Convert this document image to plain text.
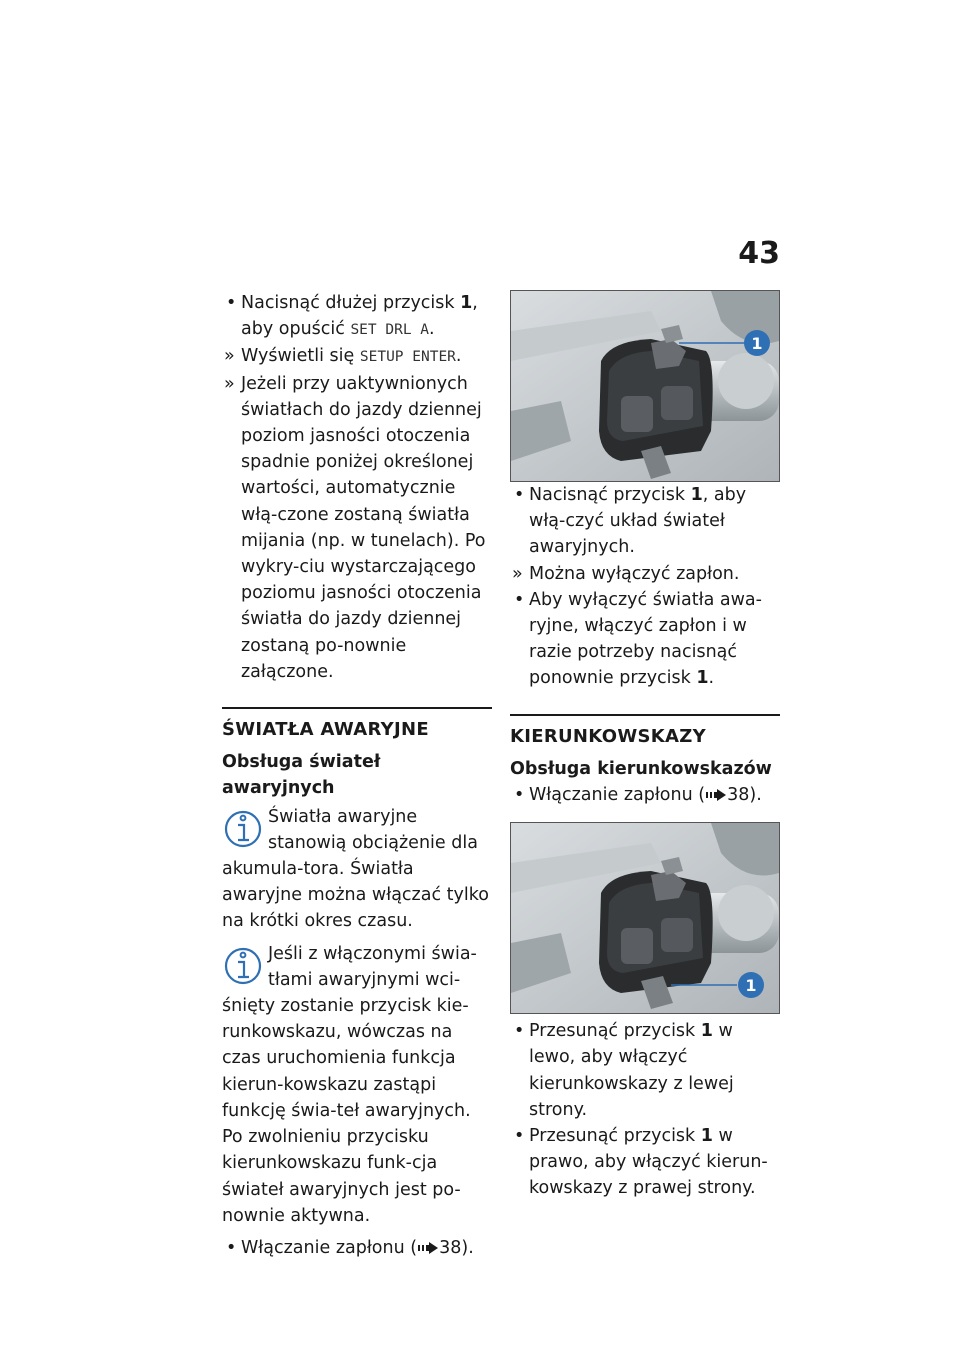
43

• Nacisnąć dłużej przycisk 1,
aby opuścić SET DRL A.

» Wyświetli się SETUP ENTER.

» Jeżeli przy uaktywnionych światłach do jazdy dziennej poziom jasności otoczenia spadnie poniżej określonej wartości, automatycznie włą-czone zostaną światła mijania (np. w tunelach). Po wykry-ciu wystarczającego poziomu jasności otoczenia światła do jazdy dziennej zostaną po-nownie załączone.

ŚWIATŁA AWARYJNE
Obsługa świateł awaryjnych

Światła awaryjne stanowią obciążenie dla akumula-tora. Światła awaryjne można włączać tylko na krótki okres czasu.

Jeśli z włączonymi świa-tłami awaryjnymi wci-śnięty zostanie przycisk kie-runkowskazu, wówczas na czas uruchomienia funkcja kierun-kowskazu zastąpi funkcję świa-teł awaryjnych. Po zwolnieniu przycisku kierunkowskazu funk-cja świateł awaryjnych jest po-nownie aktywna.

• Włączanie zapłonu ( 38).

1

• Nacisnąć przycisk 1, aby włą-czyć układ świateł awaryjnych.

» Można wyłączyć zapłon.

• Aby wyłączyć światła awa-ryjne, włączyć zapłon i w razie potrzeby nacisnąć ponownie przycisk 1.

KIERUNKOWSKAZY
Obsługa kierunkowskazów

• Włączanie zapłonu ( 38).

1

• Przesunąć przycisk 1 w lewo, aby włączyć kierunkowskazy z lewej strony.

• Przesunąć przycisk 1 w prawo, aby włączyć kierun-kowskazy z prawej strony.
